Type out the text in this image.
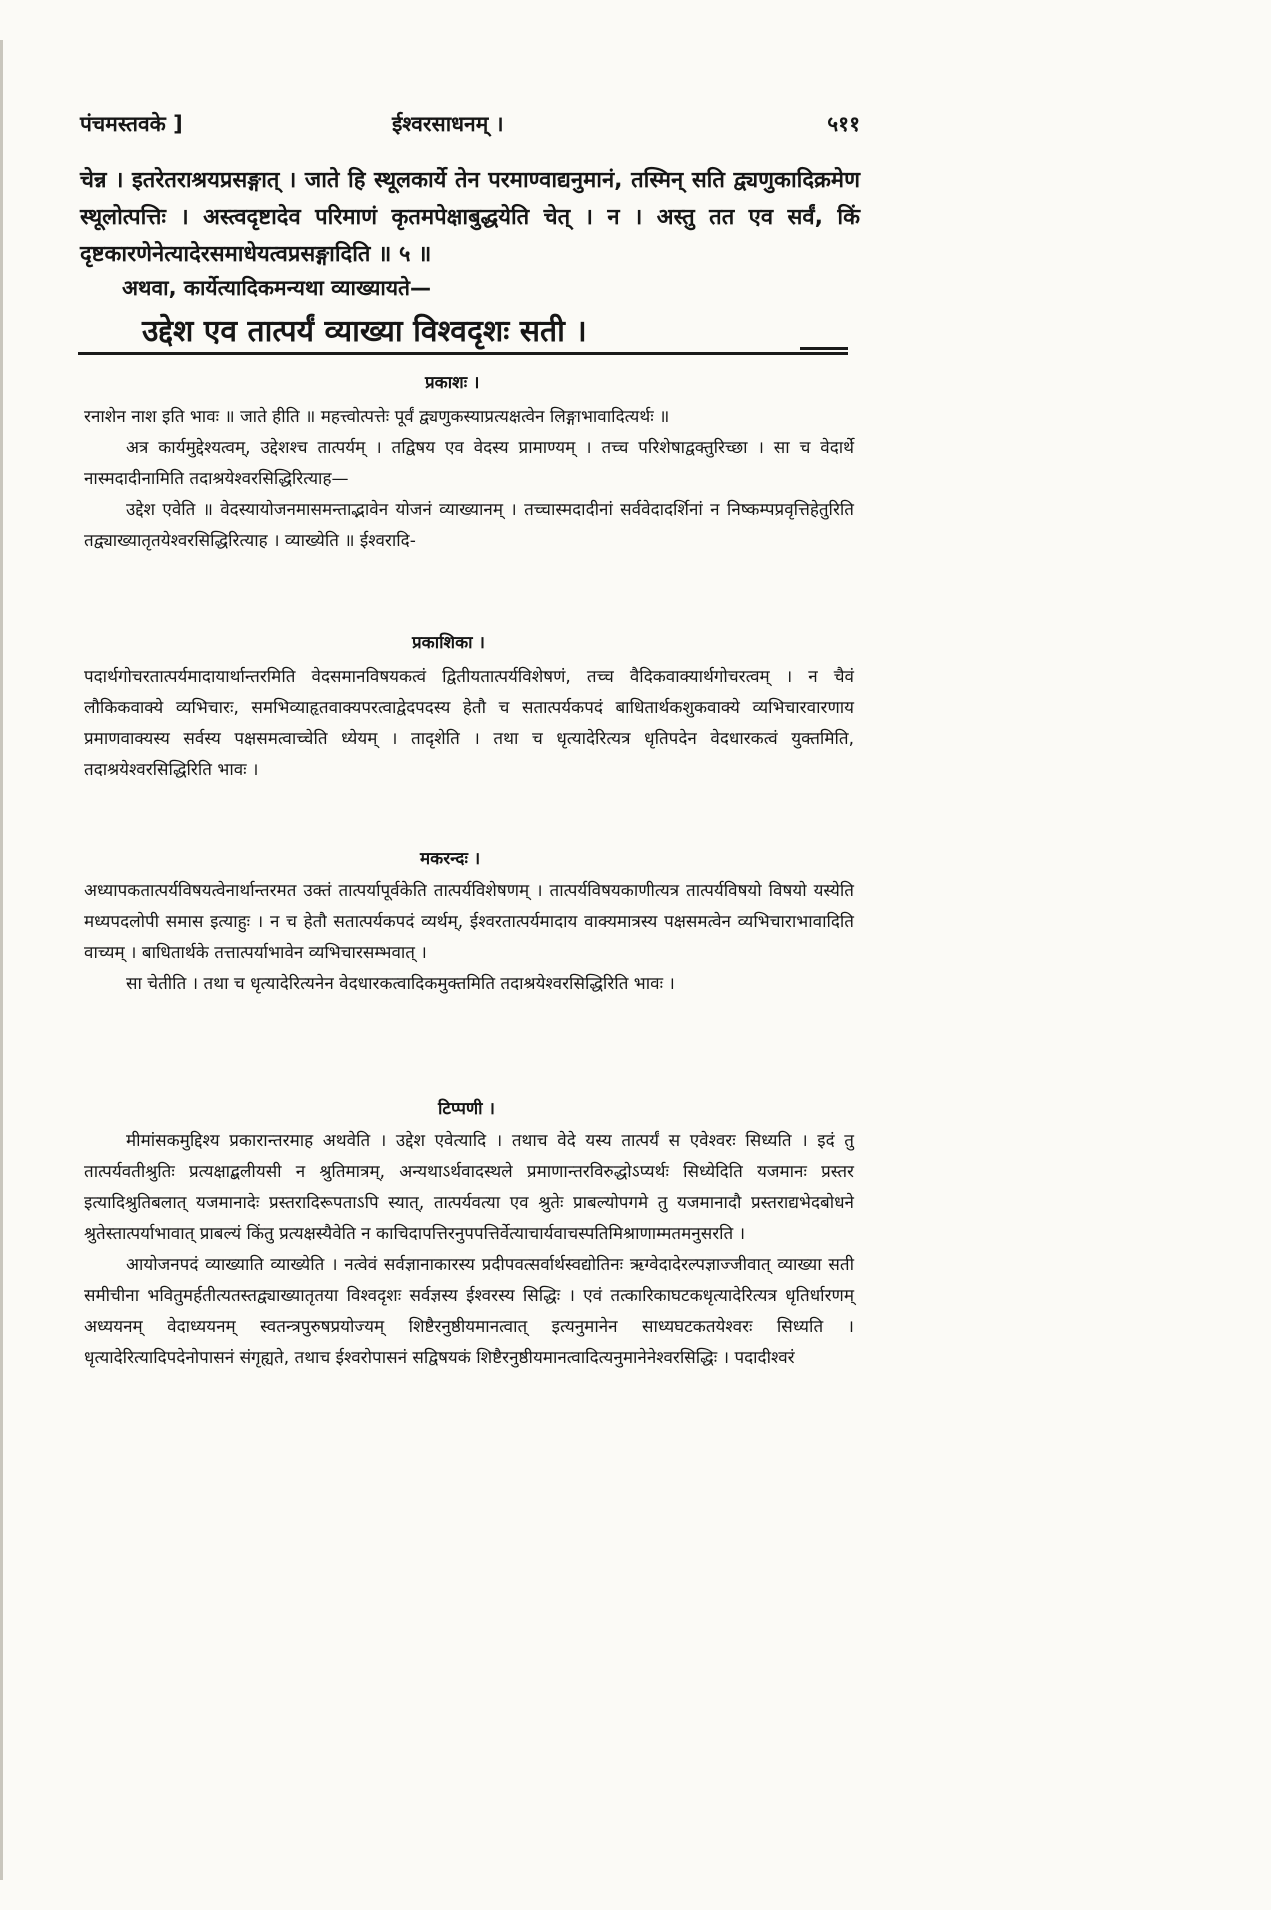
पंचमस्तवके ]	ईश्वरसाधनम् ।	५११

चेन्न । इतरेतराश्रयप्रसङ्गात् । जाते हि स्थूलकार्ये तेन परमाण्वाद्यनुमानं, तस्मिन् सति द्व्यणुकादिक्रमेण स्थूलोत्पत्तिः । अस्त्वदृष्टादेव परिमाणं कृतमपेक्षाबुद्धयेति चेत् । न । अस्तु तत एव सर्वं, किं दृष्टकारणेनेत्यादेरसमाधेयत्वप्रसङ्गादिति ॥ ५ ॥

अथवा, कार्येत्यादिकमन्यथा व्याख्यायते—
उद्देश एव तात्पर्यं व्याख्या विश्वदृशः सती ।
प्रकाशः ।

रनाशेन नाश इति भावः ॥ जाते हीति ॥ महत्त्वोत्पत्तेः पूर्वं द्व्यणुकस्याप्रत्यक्षत्वेन लिङ्गाभावादित्यर्थः ॥

अत्र कार्यमुद्देश्यत्वम्, उद्देशश्च तात्पर्यम् । तद्विषय एव वेदस्य प्रामाण्यम् । तच्च परिशेषाद्वक्तुरिच्छा । सा च वेदार्थे नास्मदादीनामिति तदाश्रयेश्वरसिद्धिरित्याह—

उद्देश एवेति ॥ वेदस्यायोजनमासमन्ताद्भावेन योजनं व्याख्यानम् । तच्चास्मदादीनां सर्ववेदादर्शिनां न निष्कम्पप्रवृत्तिहेतुरिति तद्व्याख्यातृतयेश्वरसिद्धिरित्याह । व्याख्येति ॥ ईश्वरादि-

प्रकाशिका ।

पदार्थगोचरतात्पर्यमादायार्थान्तरमिति वेदसमानविषयकत्वं द्वितीयतात्पर्यविशेषणं, तच्च वैदिकवाक्यार्थगोचरत्वम् । न चैवं लौकिकवाक्ये व्यभिचारः, समभिव्याहृतवाक्यपरत्वाद्वेदपदस्य हेतौ च सतात्पर्यकपदं बाधितार्थकशुकवाक्ये व्यभिचारवारणाय प्रमाणवाक्यस्य सर्वस्य पक्षसमत्वाच्चेति ध्येयम् । तादृशेति । तथा च धृत्यादेरित्यत्र धृतिपदेन वेदधारकत्वं युक्तमिति, तदाश्रयेश्वरसिद्धिरिति भावः ।

मकरन्दः ।

अध्यापकतात्पर्यविषयत्वेनार्थान्तरमत उक्तं तात्पर्यापूर्वकेति तात्पर्यविशेषणम् । तात्पर्यविषयकाणीत्यत्र तात्पर्यविषयो विषयो यस्येति मध्यपदलोपी समास इत्याहुः । न च हेतौ सतात्पर्यकपदं व्यर्थम्, ईश्वरतात्पर्यमादाय वाक्यमात्रस्य पक्षसमत्वेन व्यभिचाराभावादिति वाच्यम् । बाधितार्थके तत्तात्पर्याभावेन व्यभिचारसम्भवात् ।

सा चेतीति । तथा च धृत्यादेरित्यनेन वेदधारकत्वादिकमुक्तमिति तदाश्रयेश्वरसिद्धिरिति भावः ।

टिप्पणी ।

मीमांसकमुद्दिश्य प्रकारान्तरमाह अथवेति । उद्देश एवेत्यादि । तथाच वेदे यस्य तात्पर्यं स एवेश्वरः सिध्यति । इदं तु तात्पर्यवतीश्रुतिः प्रत्यक्षाद्बलीयसी न श्रुतिमात्रम्, अन्यथाऽर्थवादस्थले प्रमाणान्तरविरुद्धोऽप्यर्थः सिध्येदिति यजमानः प्रस्तर इत्यादिश्रुतिबलात् यजमानादेः प्रस्तरादिरूपताऽपि स्यात्, तात्पर्यवत्या एव श्रुतेः प्राबल्योपगमे तु यजमानादौ प्रस्तराद्यभेदबोधने श्रुतेस्तात्पर्याभावात् प्राबल्यं किंतु प्रत्यक्षस्यैवेति न काचिदापत्तिरनुपपत्तिर्वेत्याचार्यवाचस्पतिमिश्राणाम्मतमनुसरति ।

आयोजनपदं व्याख्याति व्याख्येति । नत्वेवं सर्वज्ञानाकारस्य प्रदीपवत्सर्वार्थस्वद्योतिनः ऋग्वेदादेरल्पज्ञाज्जीवात् व्याख्या सती समीचीना भवितुमर्हतीत्यतस्तद्व्याख्यातृतया विश्वदृशः सर्वज्ञस्य ईश्वरस्य सिद्धिः । एवं तत्कारिकाघटकधृत्यादेरित्यत्र धृतिर्धारणम् अध्ययनम् वेदाध्ययनम् स्वतन्त्रपुरुषप्रयोज्यम् शिष्टैरनुष्ठीयमानत्वात् इत्यनुमानेन साध्यघटकतयेश्वरः सिध्यति । धृत्यादेरित्यादिपदेनोपासनं संगृह्यते, तथाच ईश्वरोपासनं सद्विषयकं शिष्टैरनुष्ठीयमानत्वादित्यनुमानेनेश्वरसिद्धिः । पदादीश्वरं
